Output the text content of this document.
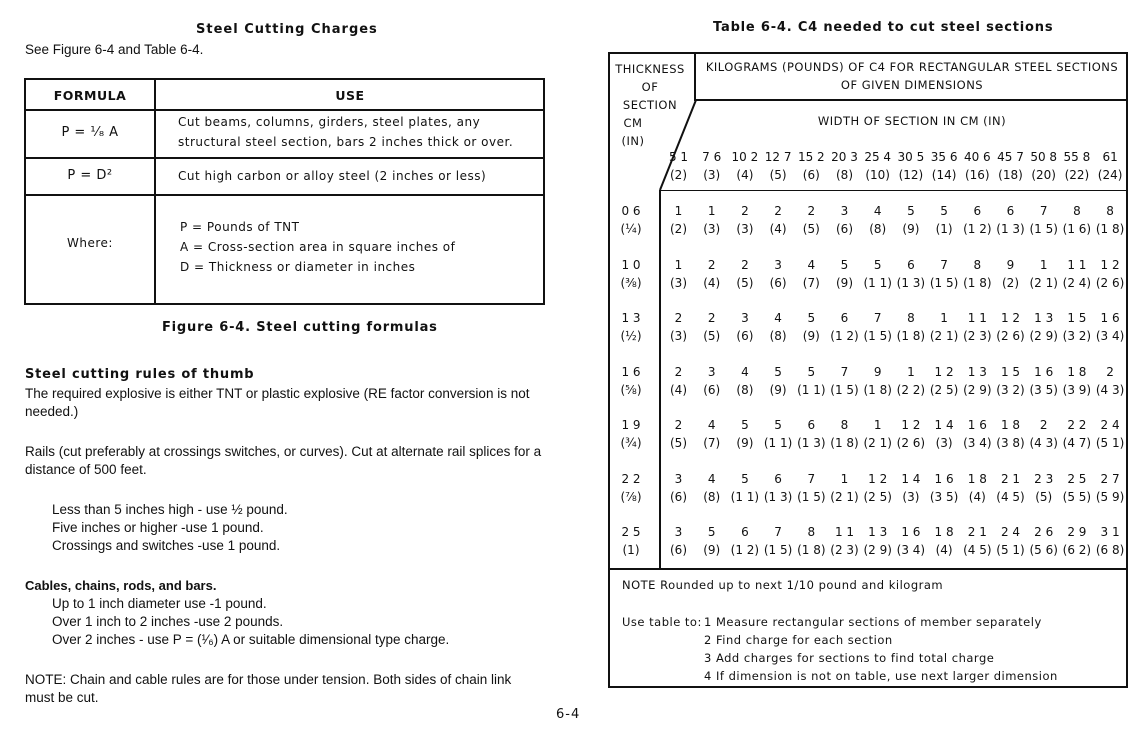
Steel Cutting Charges
See Figure 6-4 and Table 6-4.
FORMULA	USE
P = ¹⁄₈ A
Cut beams, columns, girders, steel plates, any
structural steel section, bars 2 inches thick or over.
P = D²	Cut high carbon or alloy steel (2 inches or less)
Where:
P = Pounds of TNT
A = Cross-section area in square inches of
D = Thickness or diameter in inches
Figure 6-4. Steel cutting formulas
Steel cutting rules of thumb
The required explosive is either TNT or plastic explosive (RE factor conversion is not needed.)
Rails (cut preferably at crossings switches, or curves). Cut at alternate rail splices for a distance of 500 feet.
Less than 5 inches high - use ½ pound.
Five inches or higher -use 1 pound.
Crossings and switches -use 1 pound.
Cables, chains, rods, and bars.
Up to 1 inch diameter use -1 pound.
Over 1 inch to 2 inches -use 2 pounds.
Over 2 inches - use P = (¹⁄₆) A or suitable dimensional type charge.
NOTE: Chain and cable rules are for those under tension. Both sides of chain link must be cut.
6-4
Table 6-4. C4 needed to cut steel sections
THICKNESS
OF
SECTION
CM
(IN)
KILOGRAMS (POUNDS) OF C4 FOR RECTANGULAR STEEL SECTIONS
OF GIVEN DIMENSIONS
WIDTH OF SECTION IN CM (IN)
5 1
(2)
7 6
(3)
10 2
(4)
12 7
(5)
15 2
(6)
20 3
(8)
25 4
(10)
30 5
(12)
35 6
(14)
40 6
(16)
45 7
(18)
50 8
(20)
55 8
(22)
61
(24)
0 6
(¼)
1
(2)
1
(3)
2
(3)
2
(4)
2
(5)
3
(6)
4
(8)
5
(9)
5
(1)
6
(1 2)
6
(1 3)
7
(1 5)
8
(1 6)
8
(1 8)
1 0
(⅜)
1
(3)
2
(4)
2
(5)
3
(6)
4
(7)
5
(9)
5
(1 1)
6
(1 3)
7
(1 5)
8
(1 8)
9
(2)
1
(2 1)
1 1
(2 4)
1 2
(2 6)
1 3
(½)
2
(3)
2
(5)
3
(6)
4
(8)
5
(9)
6
(1 2)
7
(1 5)
8
(1 8)
1
(2 1)
1 1
(2 3)
1 2
(2 6)
1 3
(2 9)
1 5
(3 2)
1 6
(3 4)
1 6
(⅝)
2
(4)
3
(6)
4
(8)
5
(9)
5
(1 1)
7
(1 5)
9
(1 8)
1
(2 2)
1 2
(2 5)
1 3
(2 9)
1 5
(3 2)
1 6
(3 5)
1 8
(3 9)
2
(4 3)
1 9
(¾)
2
(5)
4
(7)
5
(9)
5
(1 1)
6
(1 3)
8
(1 8)
1
(2 1)
1 2
(2 6)
1 4
(3)
1 6
(3 4)
1 8
(3 8)
2
(4 3)
2 2
(4 7)
2 4
(5 1)
2 2
(⅞)
3
(6)
4
(8)
5
(1 1)
6
(1 3)
7
(1 5)
1
(2 1)
1 2
(2 5)
1 4
(3)
1 6
(3 5)
1 8
(4)
2 1
(4 5)
2 3
(5)
2 5
(5 5)
2 7
(5 9)
2 5
(1)
3
(6)
5
(9)
6
(1 2)
7
(1 5)
8
(1 8)
1 1
(2 3)
1 3
(2 9)
1 6
(3 4)
1 8
(4)
2 1
(4 5)
2 4
(5 1)
2 6
(5 6)
2 9
(6 2)
3 1
(6 8)
NOTE Rounded up to next 1/10 pound and kilogram
Use table to: 1 Measure rectangular sections of member separately
2 Find charge for each section
3 Add charges for sections to find total charge
4 If dimension is not on table, use next larger dimension
